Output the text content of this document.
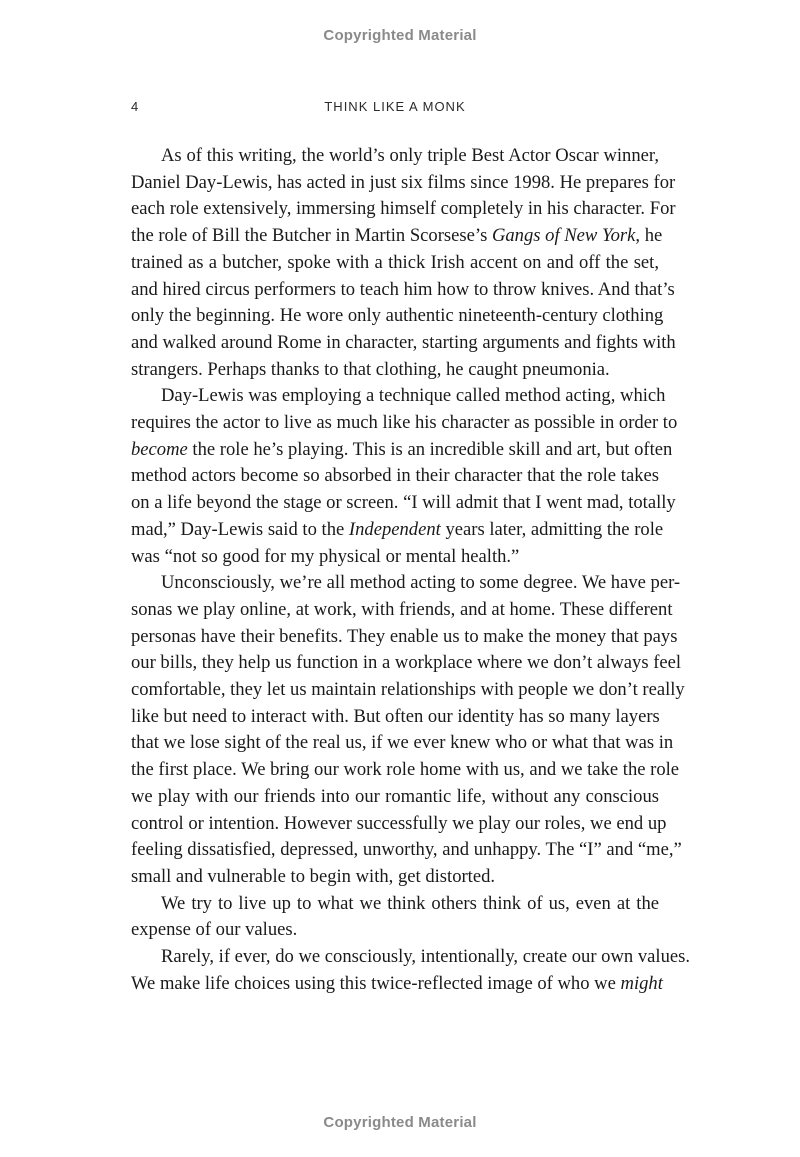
Copyrighted Material
4	THINK LIKE A MONK
As of this writing, the world’s only triple Best Actor Oscar winner,
Daniel Day-Lewis, has acted in just six films since 1998. He prepares for
each role extensively, immersing himself completely in his character. For
the role of Bill the Butcher in Martin Scorsese’s Gangs of New York, he
trained as a butcher, spoke with a thick Irish accent on and off the set,
and hired circus performers to teach him how to throw knives. And that’s
only the beginning. He wore only authentic nineteenth-century clothing
and walked around Rome in character, starting arguments and fights with
strangers. Perhaps thanks to that clothing, he caught pneumonia.
Day-Lewis was employing a technique called method acting, which
requires the actor to live as much like his character as possible in order to
become the role he’s playing. This is an incredible skill and art, but often
method actors become so absorbed in their character that the role takes
on a life beyond the stage or screen. “I will admit that I went mad, totally
mad,” Day-Lewis said to the Independent years later, admitting the role
was “not so good for my physical or mental health.”
Unconsciously, we’re all method acting to some degree. We have per-
sonas we play online, at work, with friends, and at home. These different
personas have their benefits. They enable us to make the money that pays
our bills, they help us function in a workplace where we don’t always feel
comfortable, they let us maintain relationships with people we don’t really
like but need to interact with. But often our identity has so many layers
that we lose sight of the real us, if we ever knew who or what that was in
the first place. We bring our work role home with us, and we take the role
we play with our friends into our romantic life, without any conscious
control or intention. However successfully we play our roles, we end up
feeling dissatisfied, depressed, unworthy, and unhappy. The “I” and “me,”
small and vulnerable to begin with, get distorted.
We try to live up to what we think others think of us, even at the
expense of our values.
Rarely, if ever, do we consciously, intentionally, create our own values.
We make life choices using this twice-reflected image of who we might
Copyrighted Material
